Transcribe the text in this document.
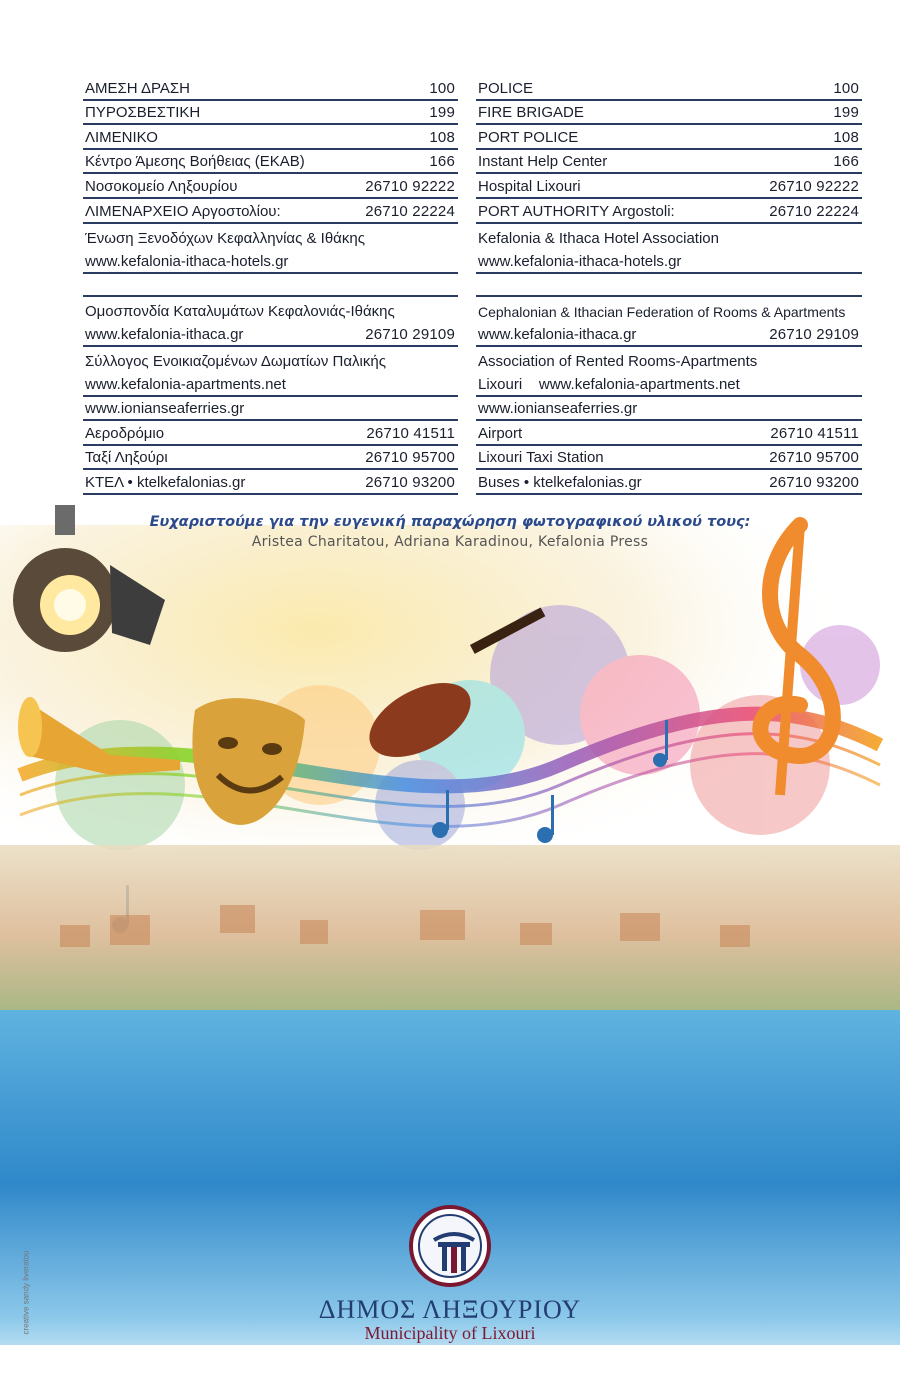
ΑΜΕΣΗ ΔΡΑΣΗ	100
ΠΥΡΟΣΒΕΣΤΙΚΗ	199
ΛΙΜΕΝΙΚΟ	108
Κέντρο Άμεσης Βοήθειας (ΕΚΑΒ)	166
Νοσοκομείο Ληξουρίου	26710 92222
ΛΙΜΕΝΑΡΧΕΙΟ Αργοστολίου:	26710 22224
Ένωση Ξενοδόχων Κεφαλληνίας & Ιθάκης
www.kefalonia-ithaca-hotels.gr
Ομοσπονδία Καταλυμάτων Κεφαλονιάς-Ιθάκης
www.kefalonia-ithaca.gr	26710 29109
Σύλλογος Ενοικιαζομένων Δωματίων Παλικής
www.kefalonia-apartments.net
www.ionianseaferries.gr
Αεροδρόμιο	26710 41511
Ταξί Ληξούρι	26710 95700
ΚΤΕΛ • ktelkefalonias.gr	26710 93200
POLICE	100
FIRE BRIGADE	199
PORT POLICE	108
Instant Help Center	166
Hospital Lixouri	26710 92222
PORT AUTHORITY Argostoli:	26710 22224
Kefalonia & Ithaca Hotel Association
www.kefalonia-ithaca-hotels.gr
Cephalonian & Ithacian Federation of Rooms & Apartments
www.kefalonia-ithaca.gr	26710 29109
Association of Rented Rooms-Apartments
Lixouri    www.kefalonia-apartments.net
www.ionianseaferries.gr
Airport	26710 41511
Lixouri Taxi Station	26710 95700
Buses • ktelkefalonias.gr	26710 93200
Ευχαριστούμε για την ευγενική παραχώρηση φωτογραφικού υλικού τους:
Aristea Charitatou, Adriana Karadinou, Kefalonia Press
ΔΗΜΟΣ ΛΗΞΟΥΡΙΟΥ
Municipality of Lixouri
creative sandy liveratou
